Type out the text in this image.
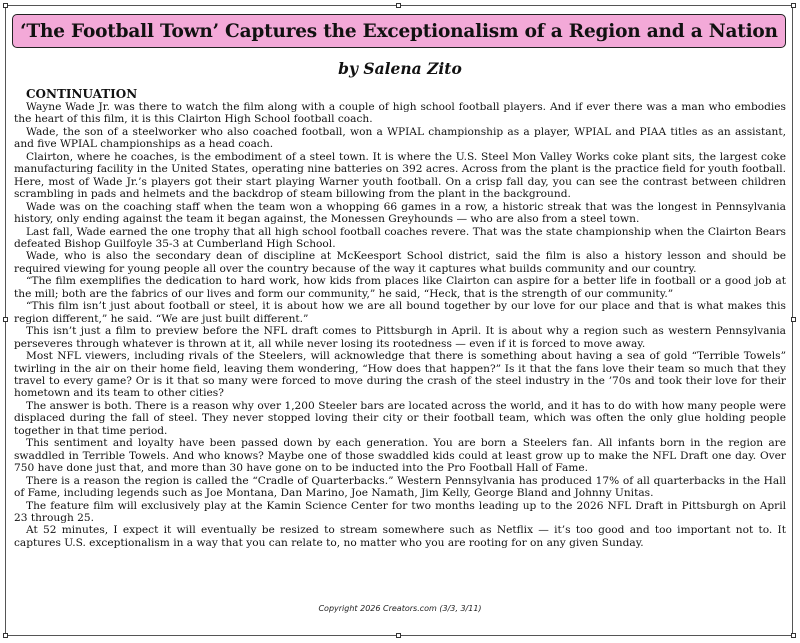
‘The Football Town’ Captures the Exceptionalism of a Region and a Nation
by Salena Zito
CONTINUATION

Wayne Wade Jr. was there to watch the film along with a couple of high school football players. And if ever there was a man who embodies the heart of this film, it is this Clairton High School football coach.

Wade, the son of a steelworker who also coached football, won a WPIAL championship as a player, WPIAL and PIAA titles as an assistant, and five WPIAL championships as a head coach.

Clairton, where he coaches, is the embodiment of a steel town. It is where the U.S. Steel Mon Valley Works coke plant sits, the largest coke manufacturing facility in the United States, operating nine batteries on 392 acres. Across from the plant is the practice field for youth football. Here, most of Wade Jr.’s players got their start playing Warner youth football. On a crisp fall day, you can see the contrast between children scrambling in pads and helmets and the backdrop of steam billowing from the plant in the background.

Wade was on the coaching staff when the team won a whopping 66 games in a row, a historic streak that was the longest in Pennsylvania history, only ending against the team it began against, the Monessen Greyhounds — who are also from a steel town.

Last fall, Wade earned the one trophy that all high school football coaches revere. That was the state championship when the Clairton Bears defeated Bishop Guilfoyle 35-3 at Cumberland High School.

Wade, who is also the secondary dean of discipline at McKeesport School district, said the film is also a history lesson and should be required viewing for young people all over the country because of the way it captures what builds community and our country.

“The film exemplifies the dedication to hard work, how kids from places like Clairton can aspire for a better life in football or a good job at the mill; both are the fabrics of our lives and form our community,” he said, “Heck, that is the strength of our community.”

“This film isn’t just about football or steel, it is about how we are all bound together by our love for our place and that is what makes this region different,” he said. “We are just built different.”

This isn’t just a film to preview before the NFL draft comes to Pittsburgh in April. It is about why a region such as western Pennsylvania perseveres through whatever is thrown at it, all while never losing its rootedness — even if it is forced to move away.

Most NFL viewers, including rivals of the Steelers, will acknowledge that there is something about having a sea of gold “Terrible Towels” twirling in the air on their home field, leaving them wondering, “How does that happen?” Is it that the fans love their team so much that they travel to every game? Or is it that so many were forced to move during the crash of the steel industry in the ’70s and took their love for their hometown and its team to other cities?

The answer is both. There is a reason why over 1,200 Steeler bars are located across the world, and it has to do with how many people were displaced during the fall of steel. They never stopped loving their city or their football team, which was often the only glue holding people together in that time period.

This sentiment and loyalty have been passed down by each generation. You are born a Steelers fan. All infants born in the region are swaddled in Terrible Towels. And who knows? Maybe one of those swaddled kids could at least grow up to make the NFL Draft one day. Over 750 have done just that, and more than 30 have gone on to be inducted into the Pro Football Hall of Fame.

There is a reason the region is called the “Cradle of Quarterbacks.” Western Pennsylvania has produced 17% of all quarterbacks in the Hall of Fame, including legends such as Joe Montana, Dan Marino, Joe Namath, Jim Kelly, George Bland and Johnny Unitas.

The feature film will exclusively play at the Kamin Science Center for two months leading up to the 2026 NFL Draft in Pittsburgh on April 23 through 25.

At 52 minutes, I expect it will eventually be resized to stream somewhere such as Netflix — it’s too good and too important not to. It captures U.S. exceptionalism in a way that you can relate to, no matter who you are rooting for on any given Sunday.

Copyright 2026 Creators.com (3/3, 3/11)
